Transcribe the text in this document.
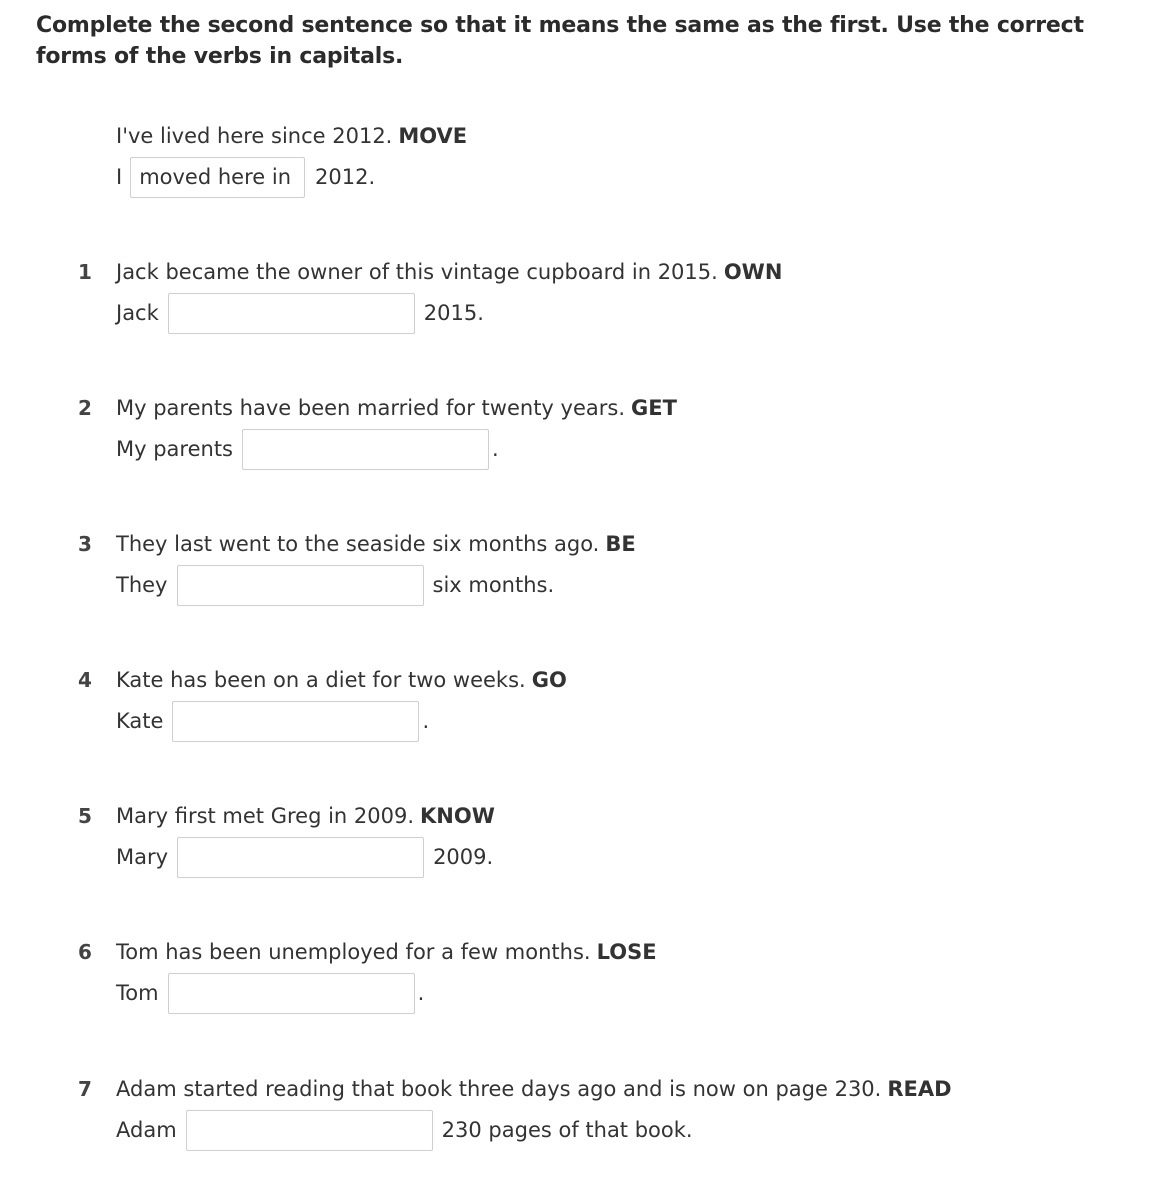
Complete the second sentence so that it means the same as the first. Use the correct forms of the verbs in capitals.
I've lived here since 2012. MOVE
I moved here in	2012.
1 Jack became the owner of this vintage cupboard in 2015. OWN
Jack	2015.
2 My parents have been married for twenty years. GET
My parents	.
3 They last went to the seaside six months ago. BE
They	six months.
4 Kate has been on a diet for two weeks. GO
Kate	.
5 Mary first met Greg in 2009. KNOW
Mary	2009.
6 Tom has been unemployed for a few months. LOSE
Tom	.
7 Adam started reading that book three days ago and is now on page 230. READ
Adam	230 pages of that book.
